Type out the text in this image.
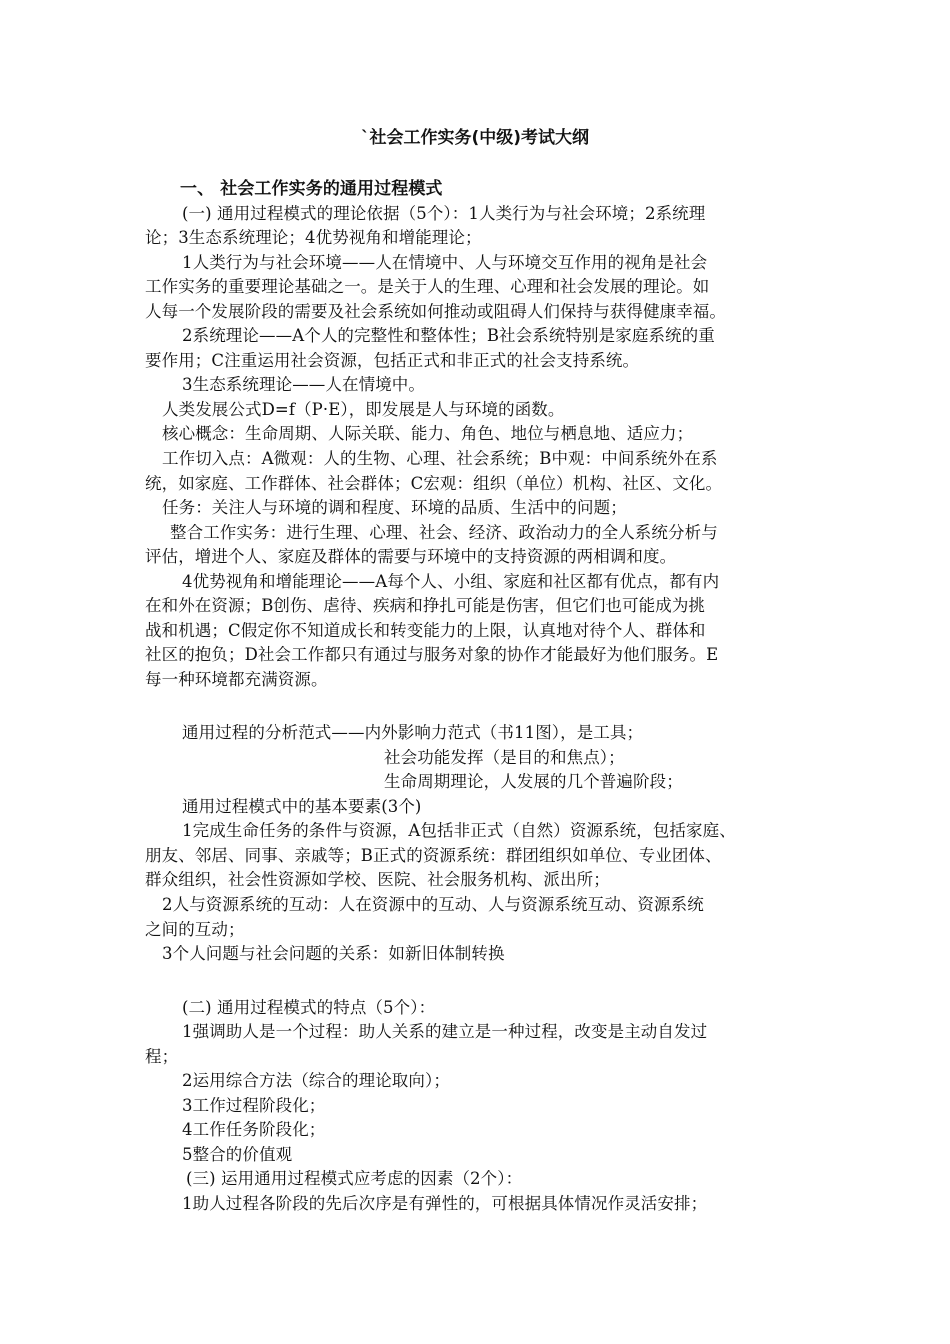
`社会工作实务(中级)考试大纲
一、 社会工作实务的通用过程模式
(一) 通用过程模式的理论依据（5个）：1人类行为与社会环境；2系统理
论；3生态系统理论；4优势视角和增能理论；
1人类行为与社会环境——人在情境中、人与环境交互作用的视角是社会
工作实务的重要理论基础之一。是关于人的生理、心理和社会发展的理论。如
人每一个发展阶段的需要及社会系统如何推动或阻碍人们保持与获得健康幸福。
2系统理论——A个人的完整性和整体性；B社会系统特别是家庭系统的重
要作用；C注重运用社会资源，包括正式和非正式的社会支持系统。
3生态系统理论——人在情境中。
人类发展公式D=f（P·E），即发展是人与环境的函数。
核心概念：生命周期、人际关联、能力、角色、地位与栖息地、适应力；
工作切入点：A微观：人的生物、心理、社会系统；B中观：中间系统外在系
统，如家庭、工作群体、社会群体；C宏观：组织（单位）机构、社区、文化。
任务：关注人与环境的调和程度、环境的品质、生活中的问题；
整合工作实务：进行生理、心理、社会、经济、政治动力的全人系统分析与
评估，增进个人、家庭及群体的需要与环境中的支持资源的两相调和度。
4优势视角和增能理论——A每个人、小组、家庭和社区都有优点，都有内
在和外在资源；B创伤、虐待、疾病和挣扎可能是伤害，但它们也可能成为挑
战和机遇；C假定你不知道成长和转变能力的上限，认真地对待个人、群体和
社区的抱负；D社会工作都只有通过与服务对象的协作才能最好为他们服务。E
每一种环境都充满资源。
通用过程的分析范式——内外影响力范式（书11图），是工具；
社会功能发挥（是目的和焦点）；
生命周期理论，人发展的几个普遍阶段；
通用过程模式中的基本要素(3个)
1完成生命任务的条件与资源，A包括非正式（自然）资源系统，包括家庭、
朋友、邻居、同事、亲戚等；B正式的资源系统：群团组织如单位、专业团体、
群众组织，社会性资源如学校、医院、社会服务机构、派出所；
2人与资源系统的互动：人在资源中的互动、人与资源系统互动、资源系统
之间的互动；
3个人问题与社会问题的关系：如新旧体制转换
(二) 通用过程模式的特点（5个）：
1强调助人是一个过程：助人关系的建立是一种过程，改变是主动自发过
程；
2运用综合方法（综合的理论取向）；
3工作过程阶段化；
4工作任务阶段化；
5整合的价值观
(三) 运用通用过程模式应考虑的因素（2个）：
1助人过程各阶段的先后次序是有弹性的，可根据具体情况作灵活安排；
